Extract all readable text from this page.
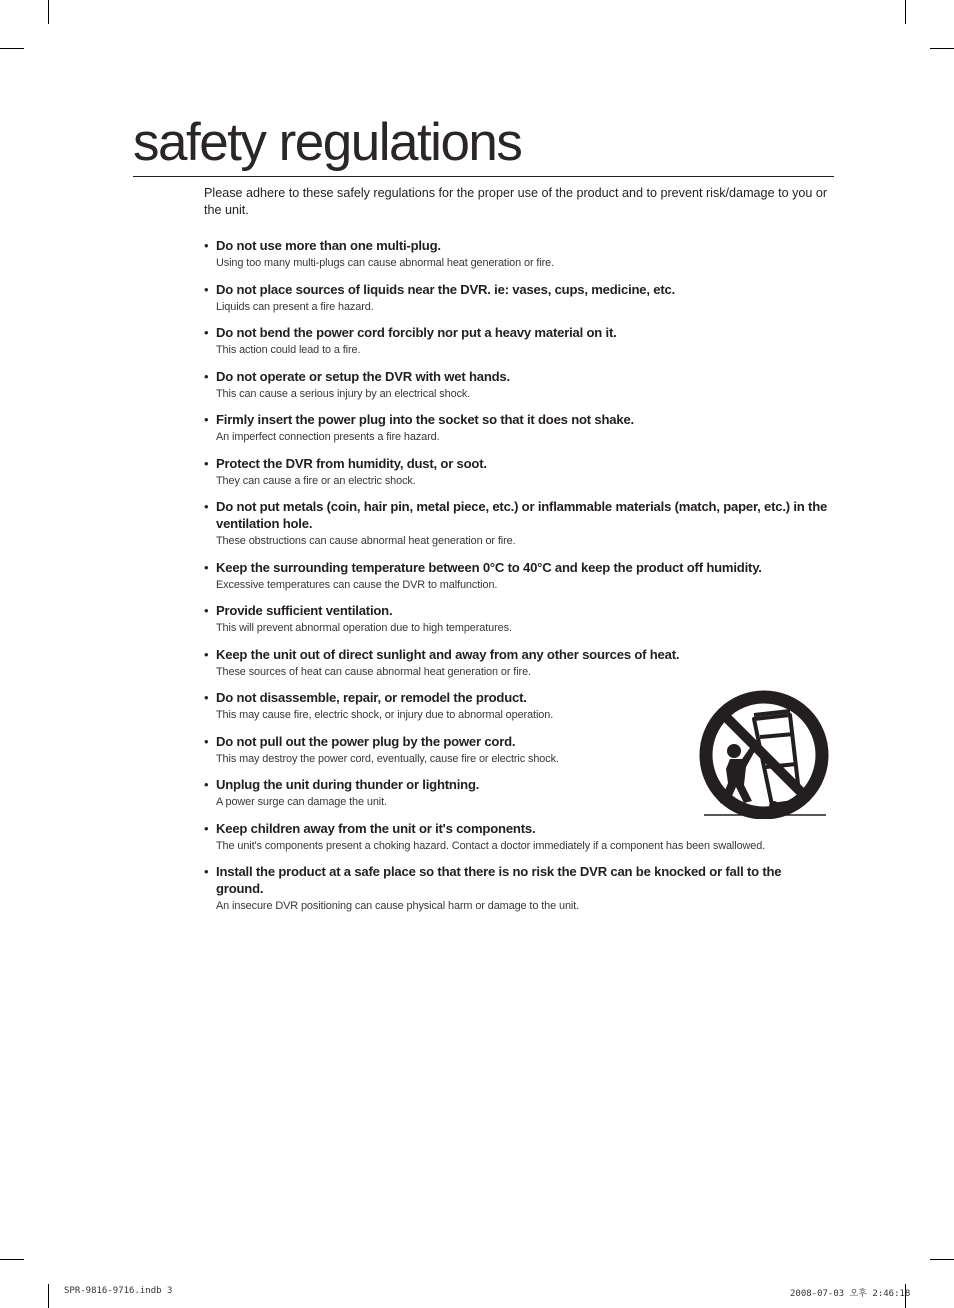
safety regulations

Please adhere to these safely regulations for the proper use of the product and to prevent risk/damage to you or the unit.

• Do not use more than one multi-plug.
Using too many multi-plugs can cause abnormal heat generation or fire.
• Do not place sources of liquids near the DVR. ie: vases, cups, medicine, etc.
Liquids can present a fire hazard.
• Do not bend the power cord forcibly nor put a heavy material on it.
This action could lead to a fire.
• Do not operate or setup the DVR with wet hands.
This can cause a serious injury by an electrical shock.
• Firmly insert the power plug into the socket so that it does not shake.
An imperfect connection presents a fire hazard.
• Protect the DVR from humidity, dust, or soot.
They can cause a fire or an electric shock.
• Do not put metals (coin, hair pin, metal piece, etc.) or inflammable materials (match, paper, etc.) in the ventilation hole.
These obstructions can cause abnormal heat generation or fire.
• Keep the surrounding temperature between 0°C to 40°C and keep the product off humidity.
Excessive temperatures can cause the DVR to malfunction.
• Provide sufficient ventilation.
This will prevent abnormal operation due to high temperatures.
• Keep the unit out of direct sunlight and away from any other sources of heat.
These sources of heat can cause abnormal heat generation or fire.
• Do not disassemble, repair, or remodel the product.
This may cause fire, electric shock, or injury due to abnormal operation.
• Do not pull out the power plug by the power cord.
This may destroy the power cord, eventually, cause fire or electric shock.
• Unplug the unit during thunder or lightning.
A power surge can damage the unit.
• Keep children away from the unit or it's components.
The unit's components present a choking hazard. Contact a doctor immediately if a component has been swallowed.
• Install the product at a safe place so that there is no risk the DVR can be knocked or fall to the ground.
An insecure DVR positioning can cause physical harm or damage to the unit.
SPR-9816-9716.indb 3	2008-07-03 오후 2:46:18
